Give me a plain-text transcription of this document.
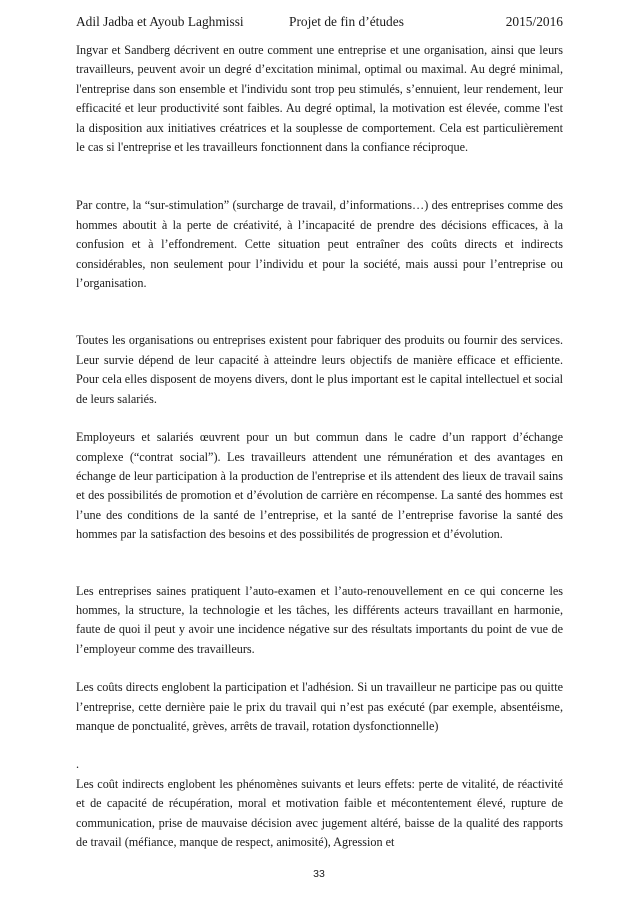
Adil Jadba et Ayoub Laghmissi	Projet de fin d’études	2015/2016

Ingvar et Sandberg décrivent en outre comment une entreprise et une organisation, ainsi que leurs travailleurs, peuvent avoir un degré d’excitation minimal, optimal ou maximal. Au degré minimal, l'entreprise dans son ensemble et l'individu sont trop peu stimulés, s’ennuient, leur rendement, leur efficacité et leur productivité sont faibles. Au degré optimal, la motivation est élevée, comme l'est la disposition aux initiatives créatrices et la souplesse de comportement. Cela est particulièrement le cas si l'entreprise et les travailleurs fonctionnent dans la confiance réciproque.

Par contre, la “sur-stimulation” (surcharge de travail, d’informations…) des entreprises comme des hommes aboutit à la perte de créativité, à l’incapacité de prendre des décisions efficaces, à la confusion et à l’effondrement. Cette situation peut entraîner des coûts directs et indirects considérables, non seulement pour l’individu et pour la société, mais aussi pour l’entreprise ou l’organisation.

Toutes les organisations ou entreprises existent pour fabriquer des produits ou fournir des services. Leur survie dépend de leur capacité à atteindre leurs objectifs de manière efficace et efficiente. Pour cela elles disposent de moyens divers, dont le plus important est le capital intellectuel et social de leurs salariés.

Employeurs et salariés œuvrent pour un but commun dans le cadre d’un rapport d’échange complexe (“contrat social”). Les travailleurs attendent une rémunération et des avantages en échange de leur participation à la production de l'entreprise et ils attendent des lieux de travail sains et des possibilités de promotion et d’évolution de carrière en récompense. La santé des hommes est l’une des conditions de la santé de l’entreprise, et la santé de l’entreprise favorise la santé des hommes par la satisfaction des besoins et des possibilités de progression et d’évolution.

Les entreprises saines pratiquent l’auto-examen et l’auto-renouvellement en ce qui concerne les hommes, la structure, la technologie et les tâches, les différents acteurs travaillant en harmonie, faute de quoi il peut y avoir une incidence négative sur des résultats importants du point de vue de l’employeur comme des travailleurs.

Les coûts directs englobent la participation et l'adhésion. Si un travailleur ne participe pas ou quitte l’entreprise, cette dernière paie le prix du travail qui n’est pas exécuté (par exemple, absentéisme, manque de ponctualité, grèves, arrêts de travail, rotation dysfonctionnelle)

.

Les coût indirects englobent les phénomènes suivants et leurs effets: perte de vitalité, de réactivité et de capacité de récupération, moral et motivation faible et mécontentement élevé, rupture de communication, prise de mauvaise décision avec jugement altéré, baisse de la qualité des rapports de travail (méfiance, manque de respect, animosité), Agression et

33
